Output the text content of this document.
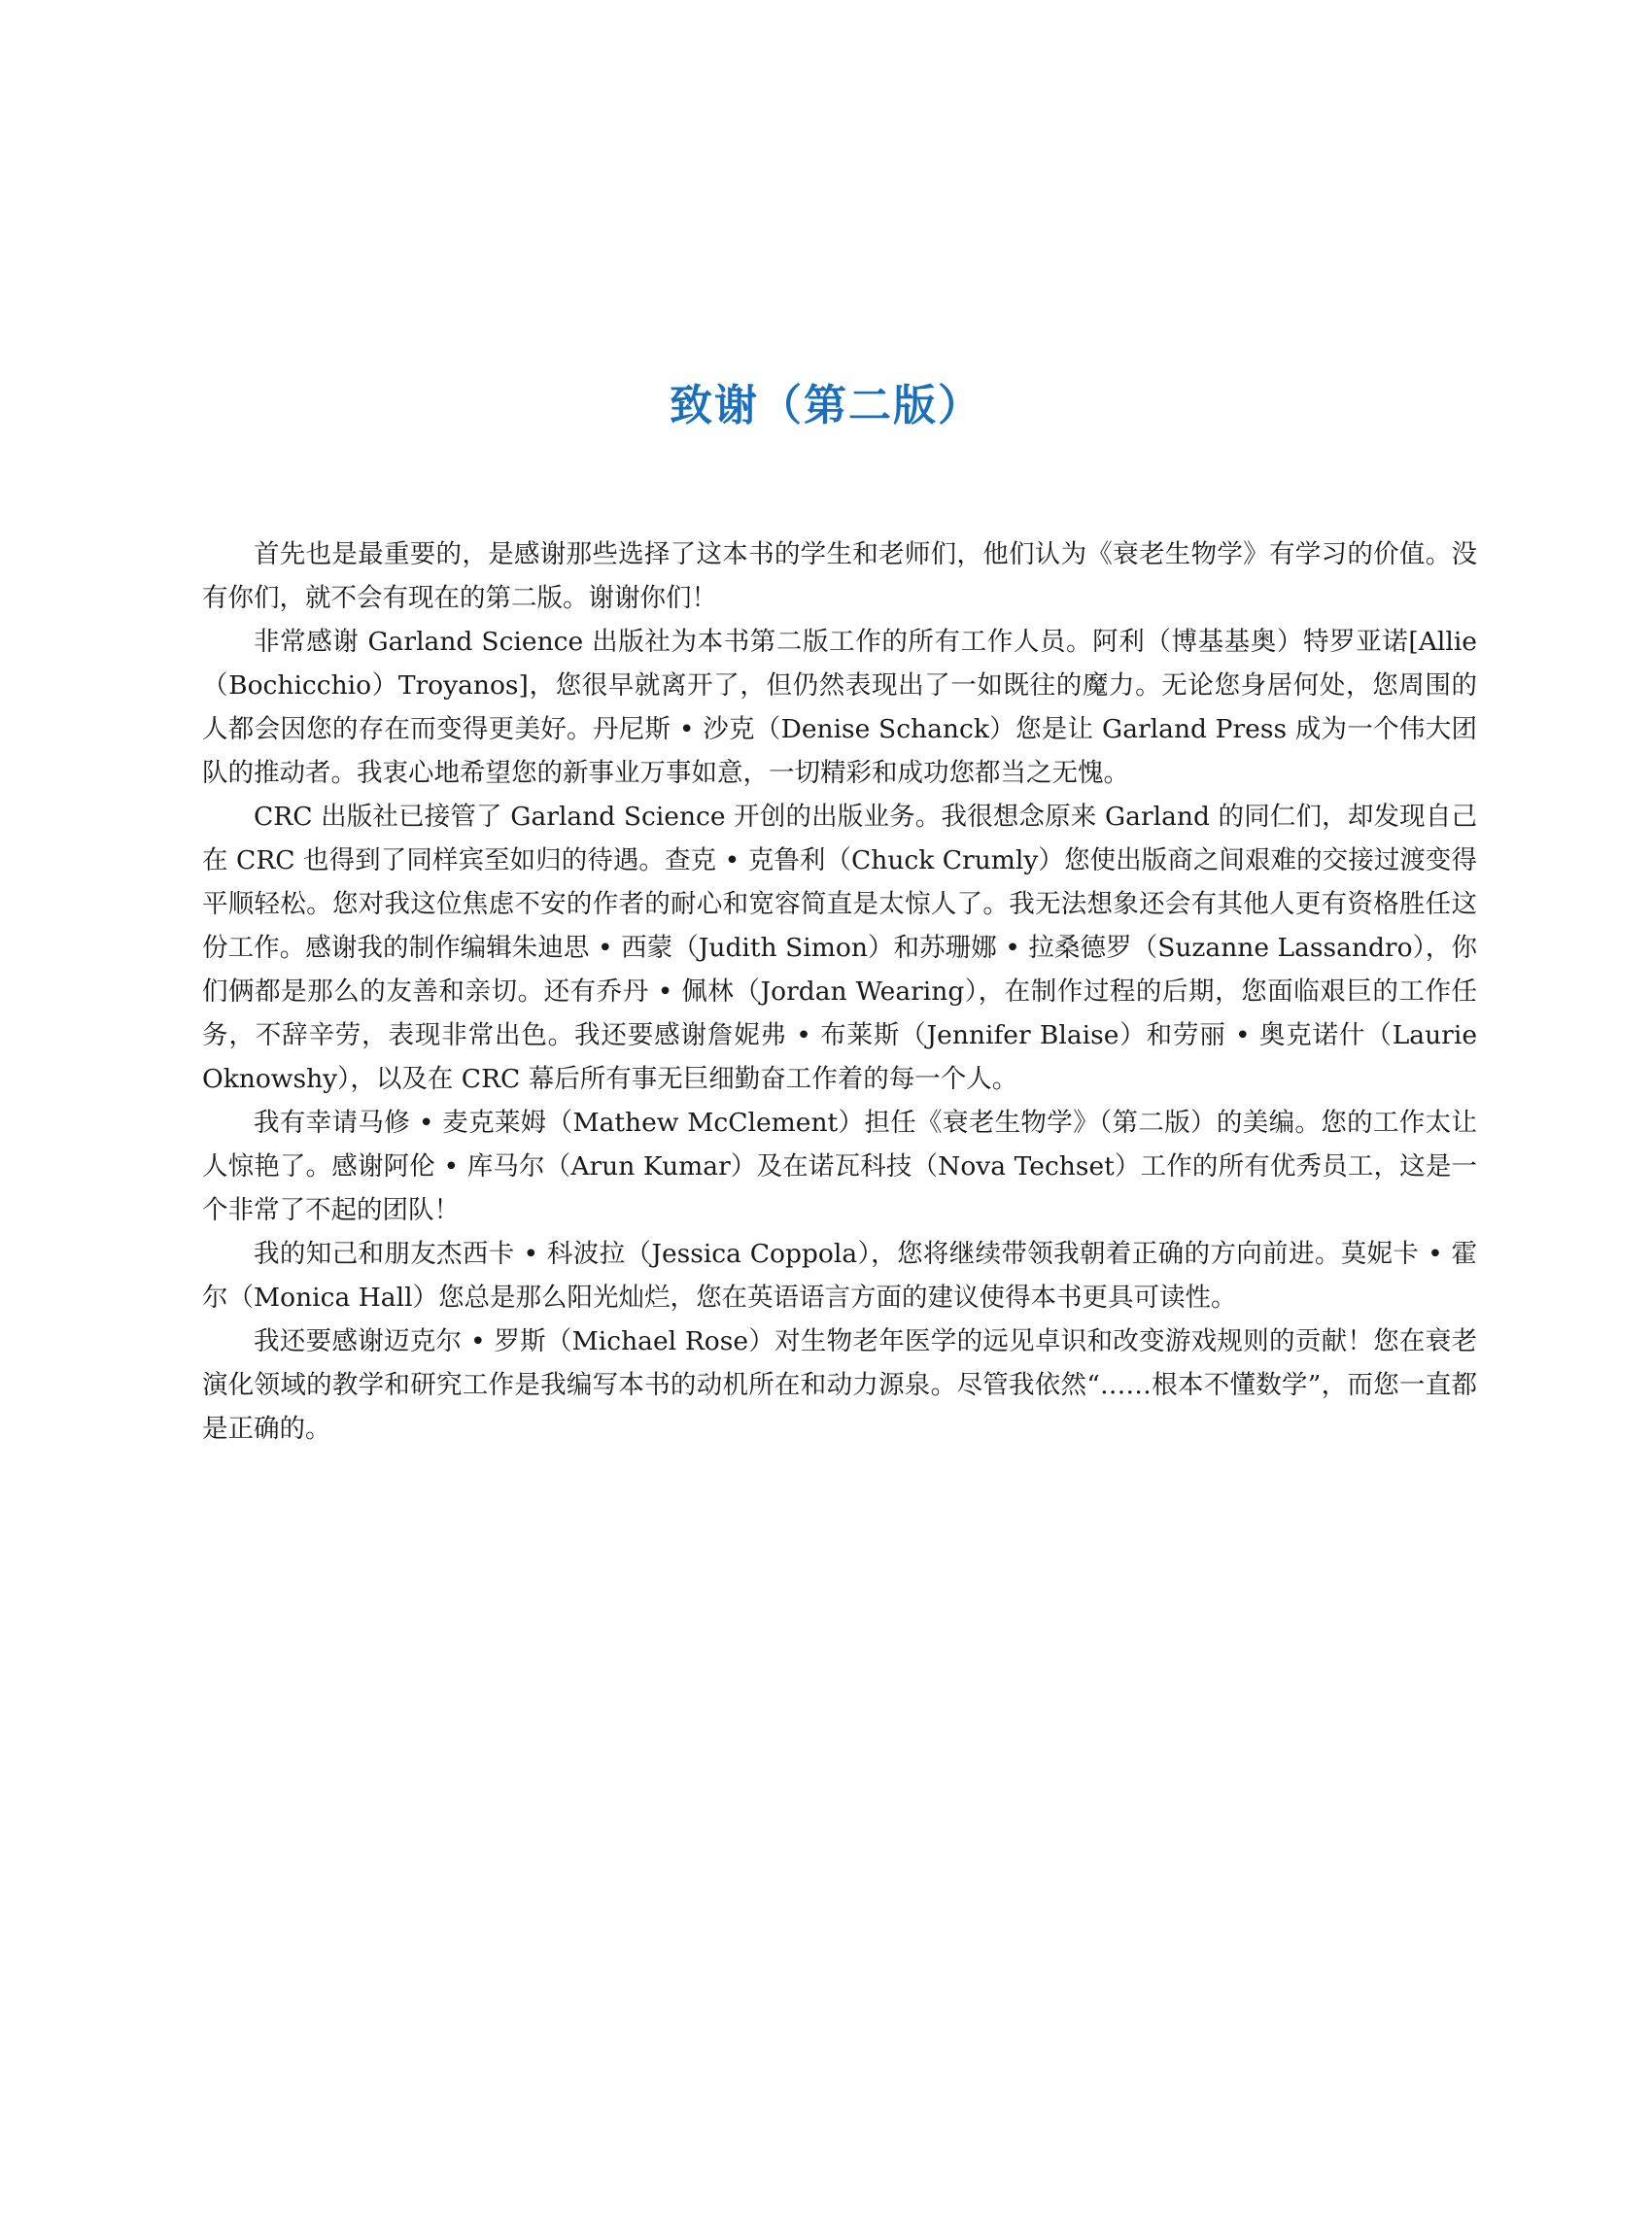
致谢（第二版）

首先也是最重要的，是感谢那些选择了这本书的学生和老师们，他们认为《衰老生物学》有学习的价值。没有你们，就不会有现在的第二版。谢谢你们！

非常感谢 Garland Science 出版社为本书第二版工作的所有工作人员。阿利（博基基奥）特罗亚诺[Allie（Bochicchio）Troyanos]，您很早就离开了，但仍然表现出了一如既往的魔力。无论您身居何处，您周围的人都会因您的存在而变得更美好。丹尼斯 • 沙克（Denise Schanck）您是让 Garland Press 成为一个伟大团队的推动者。我衷心地希望您的新事业万事如意，一切精彩和成功您都当之无愧。

CRC 出版社已接管了 Garland Science 开创的出版业务。我很想念原来 Garland 的同仁们，却发现自己在 CRC 也得到了同样宾至如归的待遇。查克 • 克鲁利（Chuck Crumly）您使出版商之间艰难的交接过渡变得平顺轻松。您对我这位焦虑不安的作者的耐心和宽容简直是太惊人了。我无法想象还会有其他人更有资格胜任这份工作。感谢我的制作编辑朱迪思 • 西蒙（Judith Simon）和苏珊娜 • 拉桑德罗（Suzanne Lassandro），你们俩都是那么的友善和亲切。还有乔丹 • 佩林（Jordan Wearing），在制作过程的后期，您面临艰巨的工作任务，不辞辛劳，表现非常出色。我还要感谢詹妮弗 • 布莱斯（Jennifer Blaise）和劳丽 • 奥克诺什（Laurie Oknowshy），以及在 CRC 幕后所有事无巨细勤奋工作着的每一个人。

我有幸请马修 • 麦克莱姆（Mathew McClement）担任《衰老生物学》（第二版）的美编。您的工作太让人惊艳了。感谢阿伦 • 库马尔（Arun Kumar）及在诺瓦科技（Nova Techset）工作的所有优秀员工，这是一个非常了不起的团队！

我的知己和朋友杰西卡 • 科波拉（Jessica Coppola），您将继续带领我朝着正确的方向前进。莫妮卡 • 霍尔（Monica Hall）您总是那么阳光灿烂，您在英语语言方面的建议使得本书更具可读性。

我还要感谢迈克尔 • 罗斯（Michael Rose）对生物老年医学的远见卓识和改变游戏规则的贡献！您在衰老演化领域的教学和研究工作是我编写本书的动机所在和动力源泉。尽管我依然“……根本不懂数学”，而您一直都是正确的。
